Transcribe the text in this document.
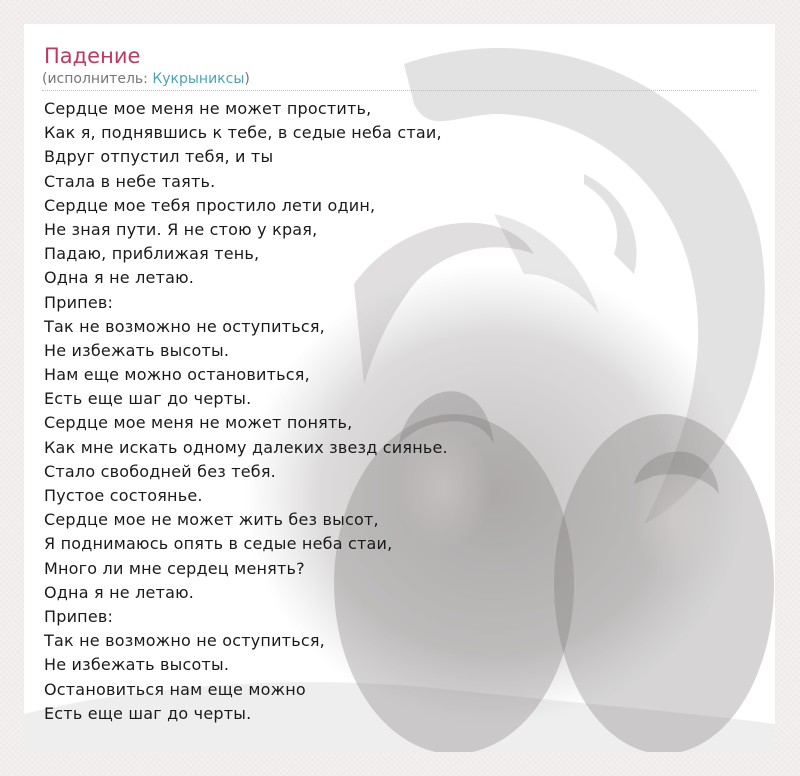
Падение
(исполнитель: Кукрыниксы)
Сердце мое меня не может простить,
Как я, поднявшись к тебе, в седые неба стаи,
Вдруг отпустил тебя, и ты
Стала в небе таять.
Сердце мое тебя простило лети один,
Не зная пути. Я не стою у края,
Падаю, приближая тень,
Одна я не летаю.
Припев:
Так не возможно не оступиться,
Не избежать высоты.
Нам еще можно остановиться,
Есть еще шаг до черты.
Сердце мое меня не может понять,
Как мне искать одному далеких звезд сиянье.
Стало свободней без тебя.
Пустое состоянье.
Сердце мое не может жить без высот,
Я поднимаюсь опять в седые неба стаи,
Много ли мне сердец менять?
Одна я не летаю.
Припев:
Так не возможно не оступиться,
Не избежать высоты.
Остановиться нам еще можно
Есть еще шаг до черты.
